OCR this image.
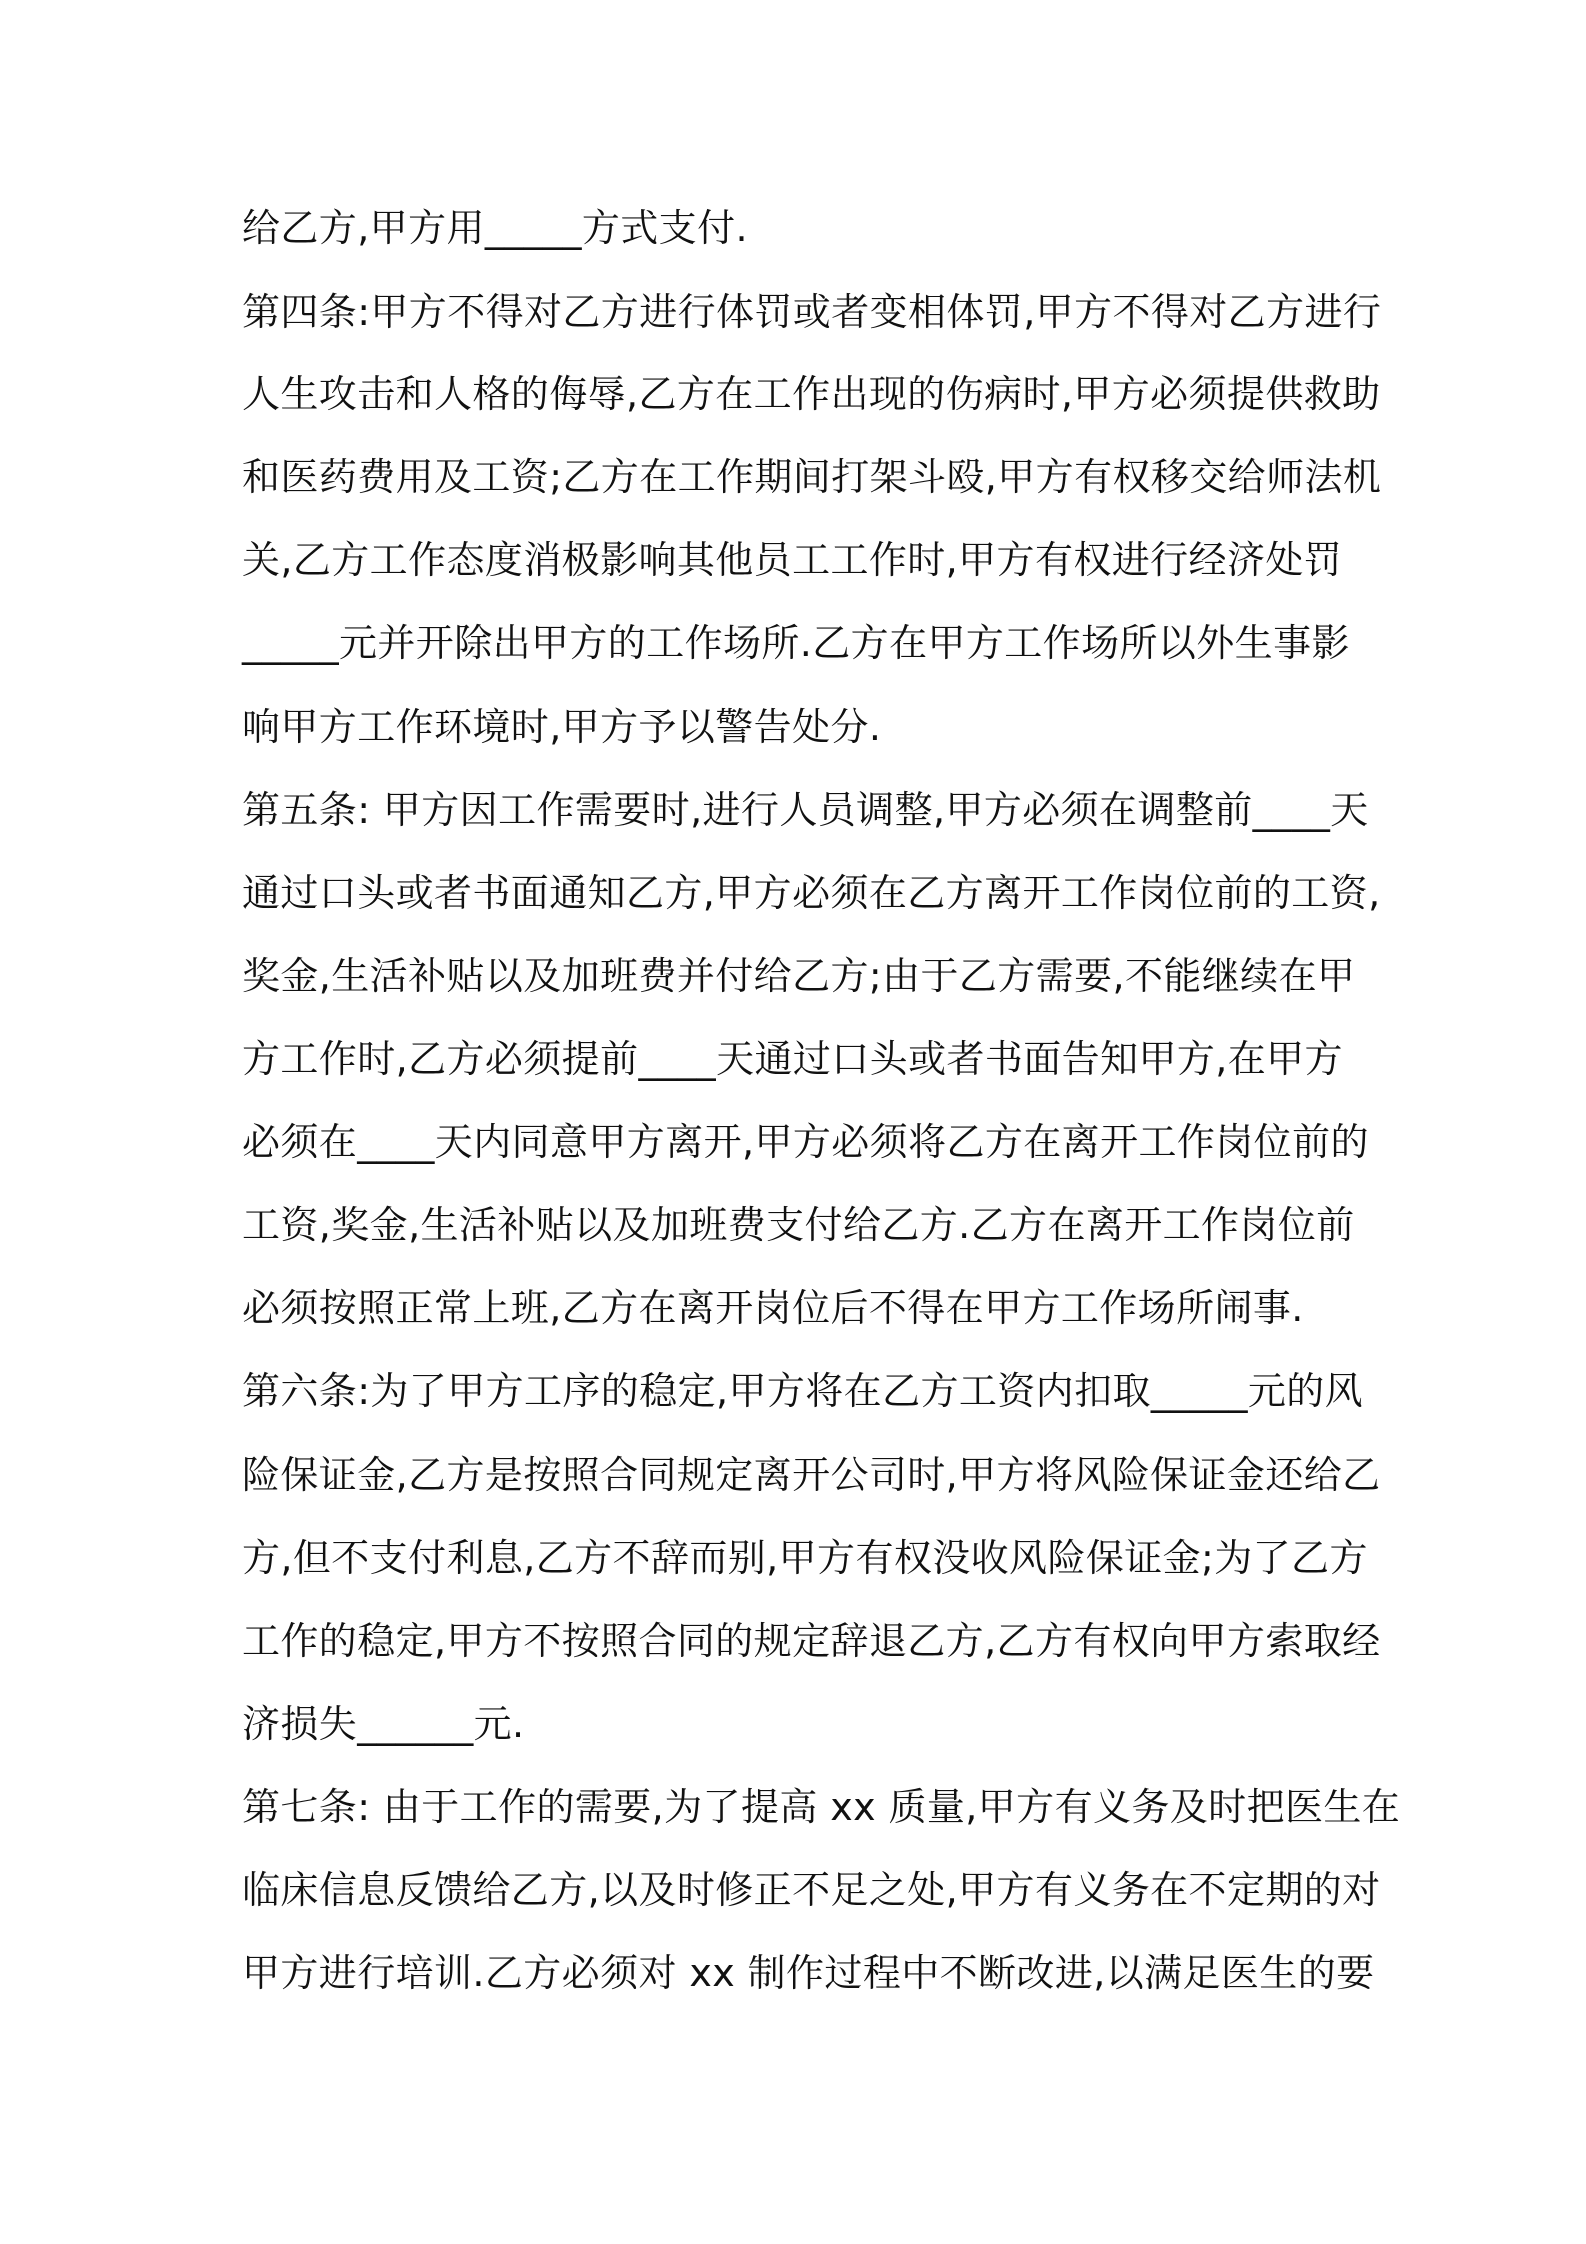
给乙方,甲方用_____方式支付.
第四条:甲方不得对乙方进行体罚或者变相体罚,甲方不得对乙方进行
人生攻击和人格的侮辱,乙方在工作出现的伤病时,甲方必须提供救助
和医药费用及工资;乙方在工作期间打架斗殴,甲方有权移交给师法机
关,乙方工作态度消极影响其他员工工作时,甲方有权进行经济处罚
_____元并开除出甲方的工作场所.乙方在甲方工作场所以外生事影
响甲方工作环境时,甲方予以警告处分.
第五条: 甲方因工作需要时,进行人员调整,甲方必须在调整前____天
通过口头或者书面通知乙方,甲方必须在乙方离开工作岗位前的工资,
奖金,生活补贴以及加班费并付给乙方;由于乙方需要,不能继续在甲
方工作时,乙方必须提前____天通过口头或者书面告知甲方,在甲方
必须在____天内同意甲方离开,甲方必须将乙方在离开工作岗位前的
工资,奖金,生活补贴以及加班费支付给乙方.乙方在离开工作岗位前
必须按照正常上班,乙方在离开岗位后不得在甲方工作场所闹事.
第六条:为了甲方工序的稳定,甲方将在乙方工资内扣取_____元的风
险保证金,乙方是按照合同规定离开公司时,甲方将风险保证金还给乙
方,但不支付利息,乙方不辞而别,甲方有权没收风险保证金;为了乙方
工作的稳定,甲方不按照合同的规定辞退乙方,乙方有权向甲方索取经
济损失______元.
第七条: 由于工作的需要,为了提高 xx 质量,甲方有义务及时把医生在
临床信息反馈给乙方,以及时修正不足之处,甲方有义务在不定期的对
甲方进行培训.乙方必须对 xx 制作过程中不断改进,以满足医生的要
